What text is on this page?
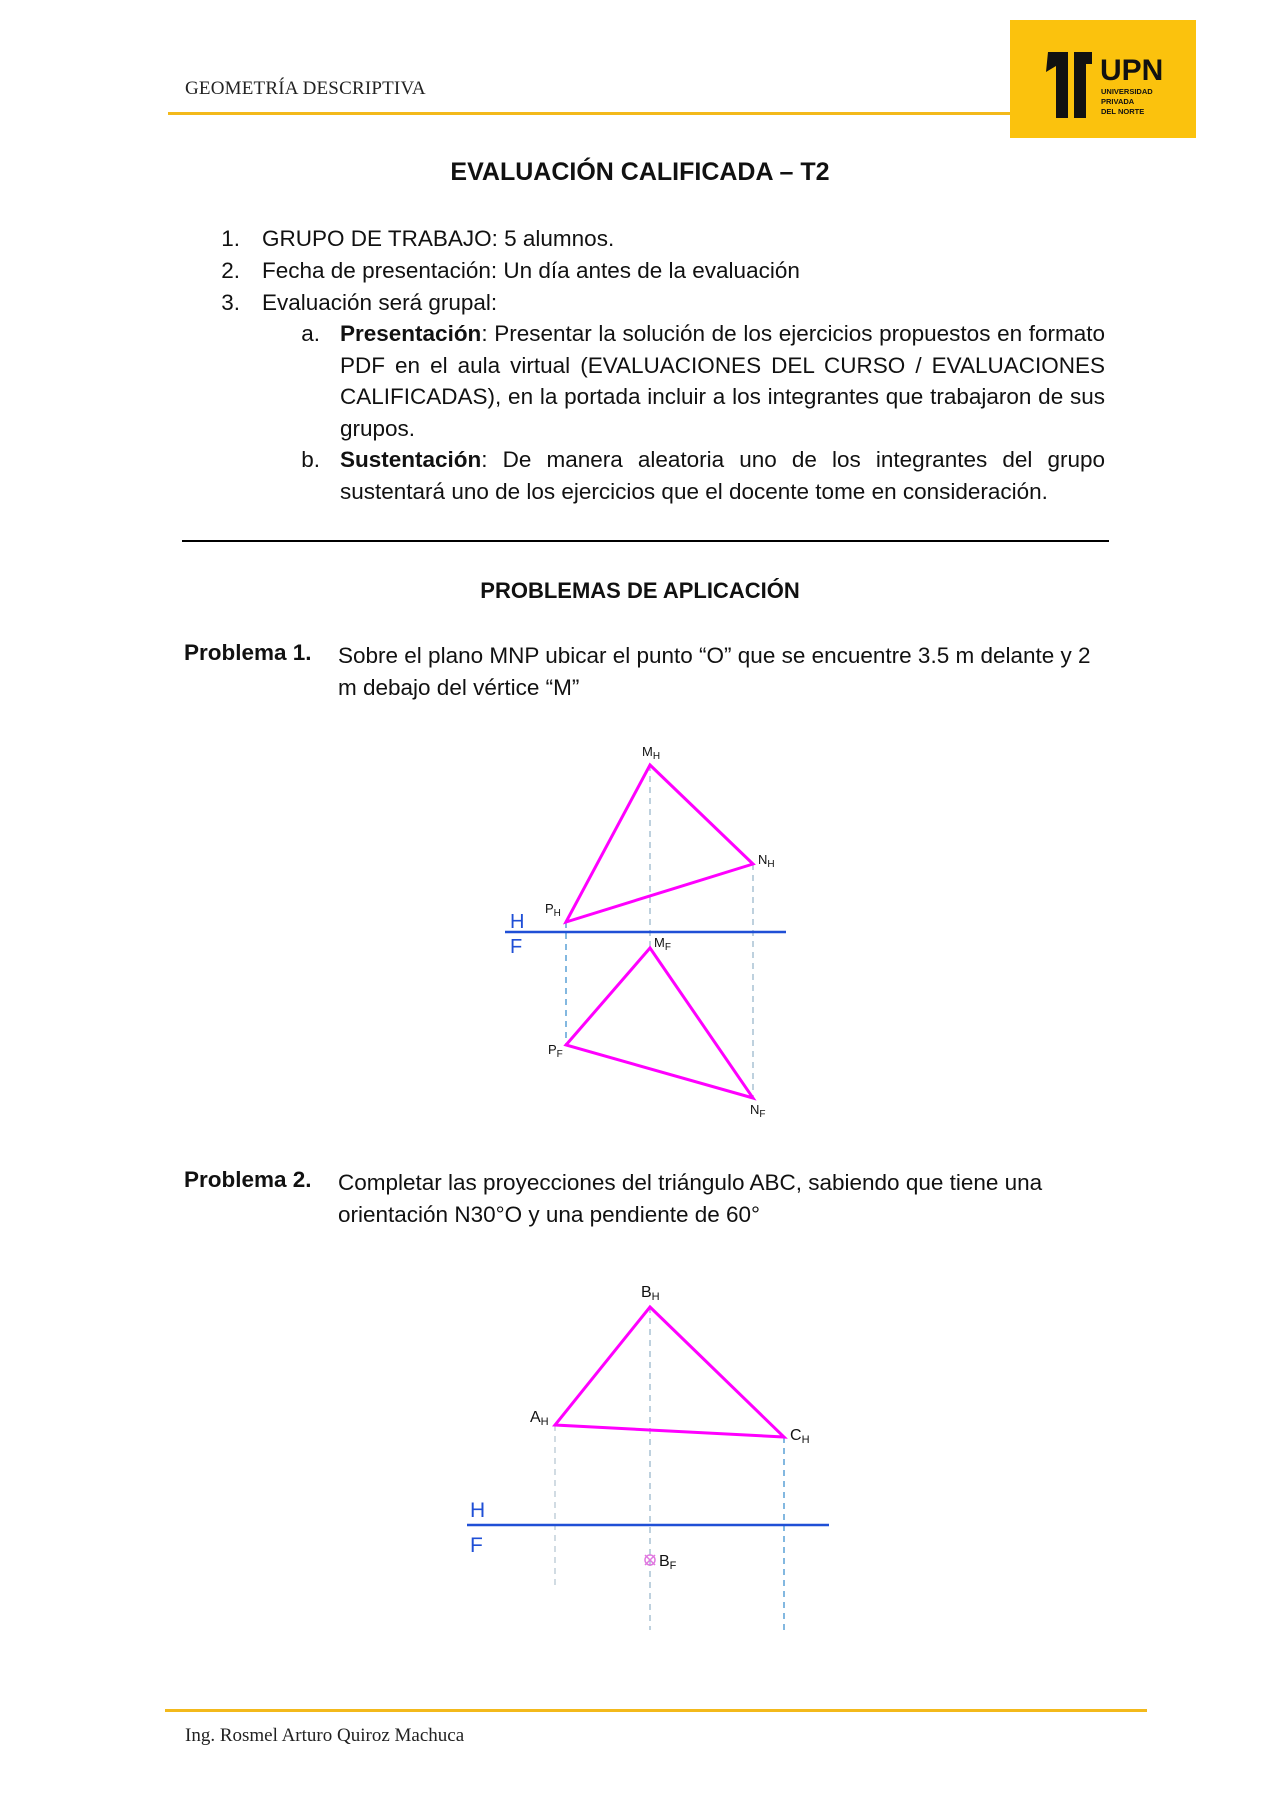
GEOMETRÍA DESCRIPTIVA
UPN
UNIVERSIDAD
PRIVADA
DEL NORTE
EVALUACIÓN CALIFICADA – T2
1. GRUPO DE TRABAJO: 5 alumnos.
2. Fecha de presentación: Un día antes de la evaluación
3. Evaluación será grupal:
a. Presentación: Presentar la solución de los ejercicios propuestos en formato PDF en el aula virtual (EVALUACIONES DEL CURSO / EVALUACIONES CALIFICADAS), en la portada incluir a los integrantes que trabajaron de sus grupos.
b. Sustentación: De manera aleatoria uno de los integrantes del grupo sustentará uno de los ejercicios que el docente tome en consideración.
PROBLEMAS DE APLICACIÓN
Problema 1. Sobre el plano MNP ubicar el punto “O” que se encuentre 3.5 m delante y 2 m debajo del vértice “M”
H
F
$M_H$
$N_H$
$P_H$
$M_F$
$P_F$
$N_F$
Problema 2. Completar las proyecciones del triángulo ABC, sabiendo que tiene una orientación N30°O y una pendiente de 60°
H
F
BH
AH
CH
BF
Ing. Rosmel Arturo Quiroz Machuca
